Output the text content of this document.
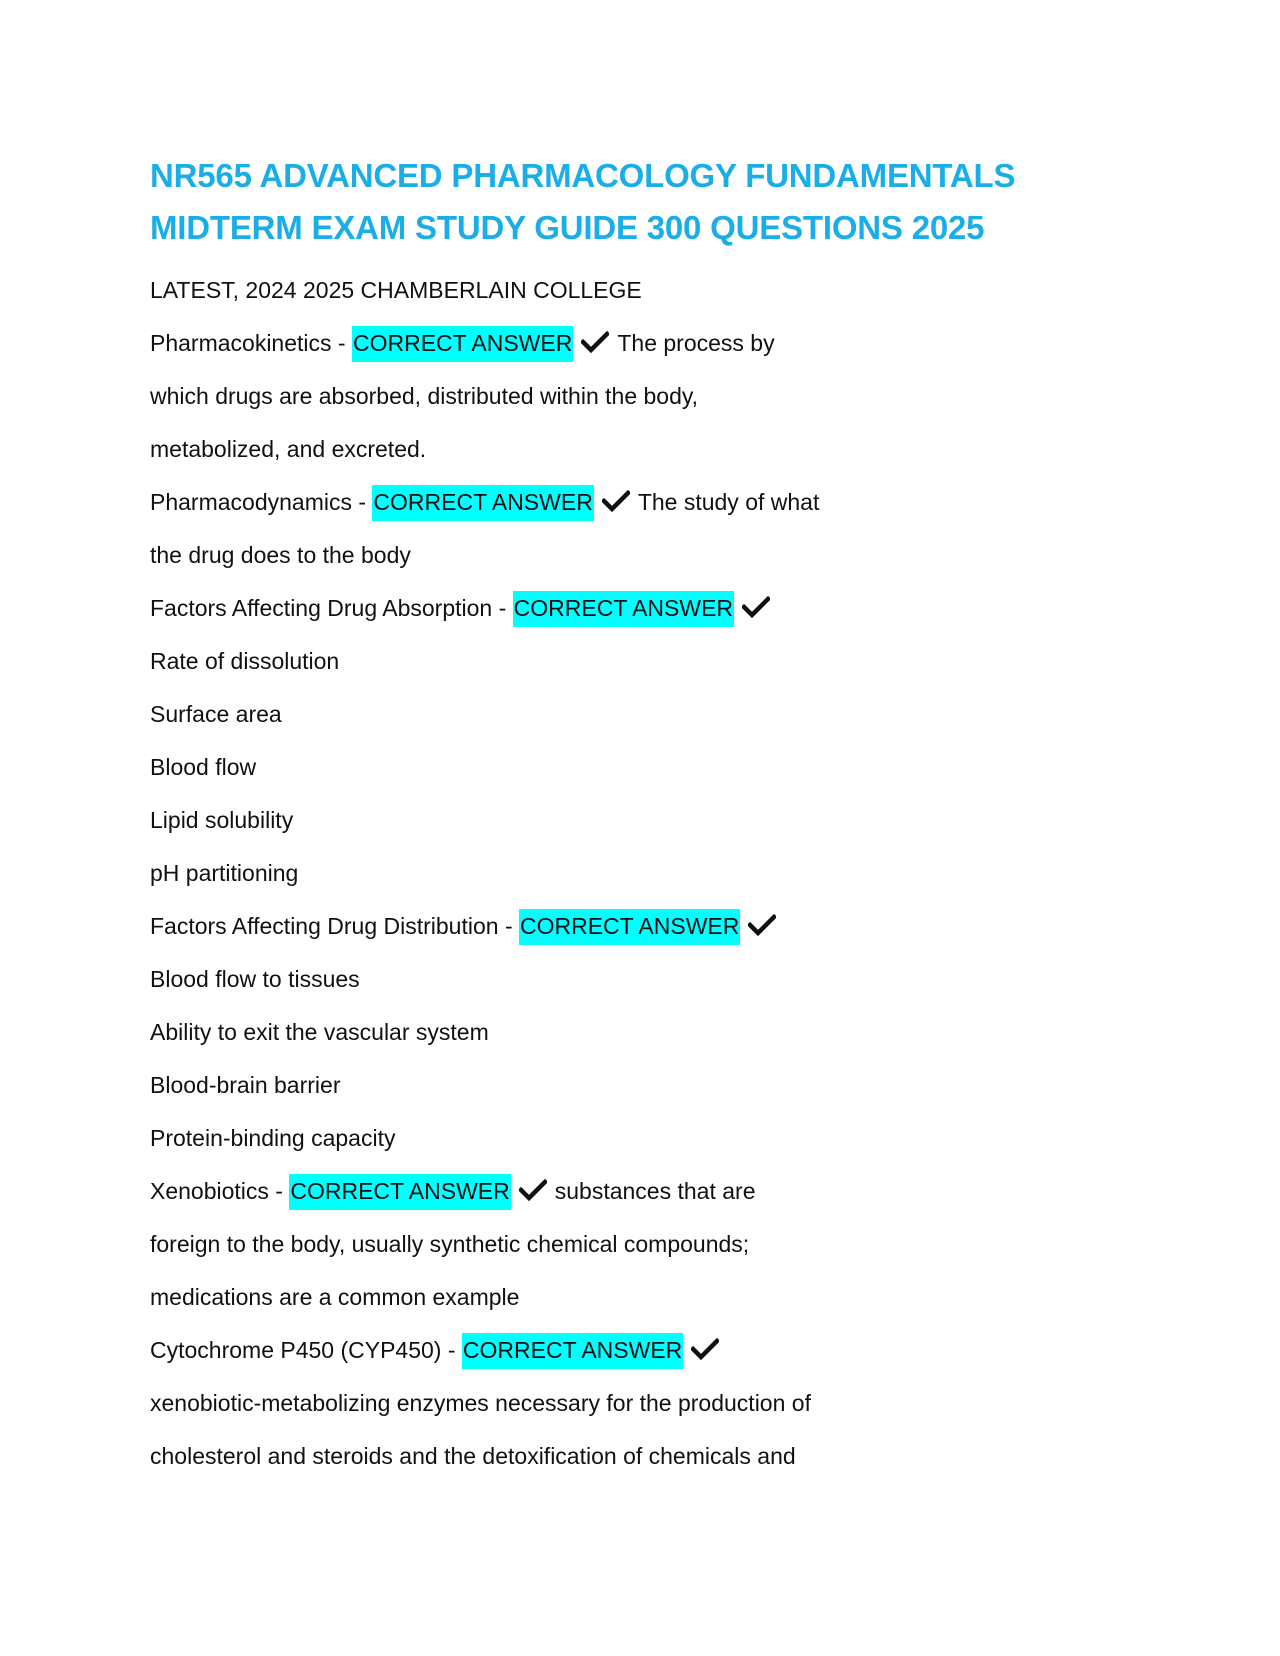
NR565 ADVANCED PHARMACOLOGY FUNDAMENTALS
MIDTERM EXAM STUDY GUIDE 300 QUESTIONS 2025
LATEST, 2024 2025 CHAMBERLAIN COLLEGE
Pharmacokinetics - CORRECT ANSWER The process by
which drugs are absorbed, distributed within the body,
metabolized, and excreted.
Pharmacodynamics - CORRECT ANSWER The study of what
the drug does to the body
Factors Affecting Drug Absorption - CORRECT ANSWER
Rate of dissolution
Surface area
Blood flow
Lipid solubility
pH partitioning
Factors Affecting Drug Distribution - CORRECT ANSWER
Blood flow to tissues
Ability to exit the vascular system
Blood-brain barrier
Protein-binding capacity
Xenobiotics - CORRECT ANSWER substances that are
foreign to the body, usually synthetic chemical compounds;
medications are a common example
Cytochrome P450 (CYP450) - CORRECT ANSWER
xenobiotic-metabolizing enzymes necessary for the production of
cholesterol and steroids and the detoxification of chemicals and
